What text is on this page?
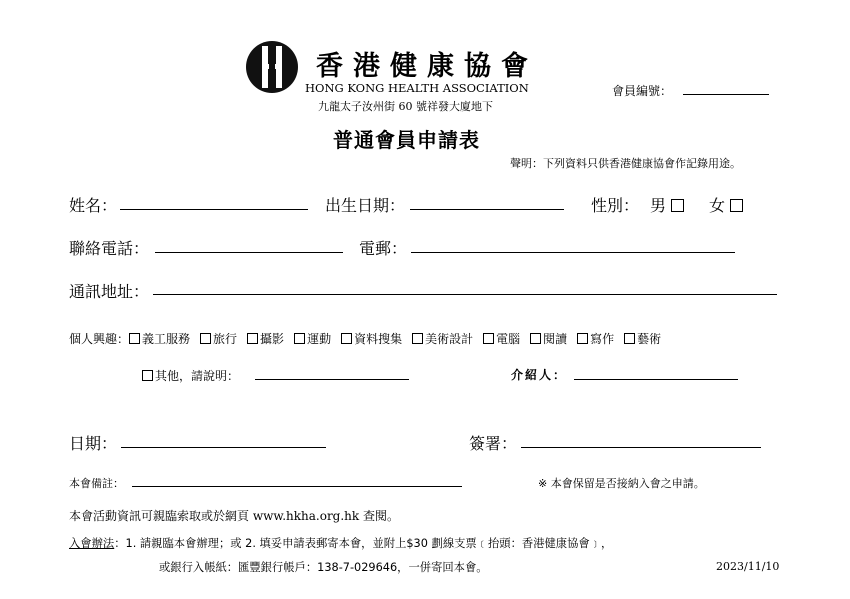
香港健康協會
HONG KONG HEALTH ASSOCIATION
九龍太子汝州街 60 號祥發大廈地下
會員編號：
普通會員申請表
聲明：下列資料只供香港健康協會作記錄用途。
姓名：	出生日期：	性別： 男	女
聯絡電話：	電郵：
通訊地址：
個人興趣： 義工服務 旅行 攝影 運動 資料搜集 美術設計 電腦 閱讀 寫作 藝術
其他，請說明：	介紹人：
日期：	簽署：
本會備註：	※ 本會保留是否接納入會之申請。
本會活動資訊可親臨索取或於網頁 www.hkha.org.hk 查閱。
入會辦法：1. 請親臨本會辦理；或 2. 填妥申請表郵寄本會，並附上$30 劃線支票﹝抬頭：香港健康協會﹞，
或銀行入帳紙：匯豐銀行帳戶：138-7-029646，一併寄回本會。	2023/11/10
